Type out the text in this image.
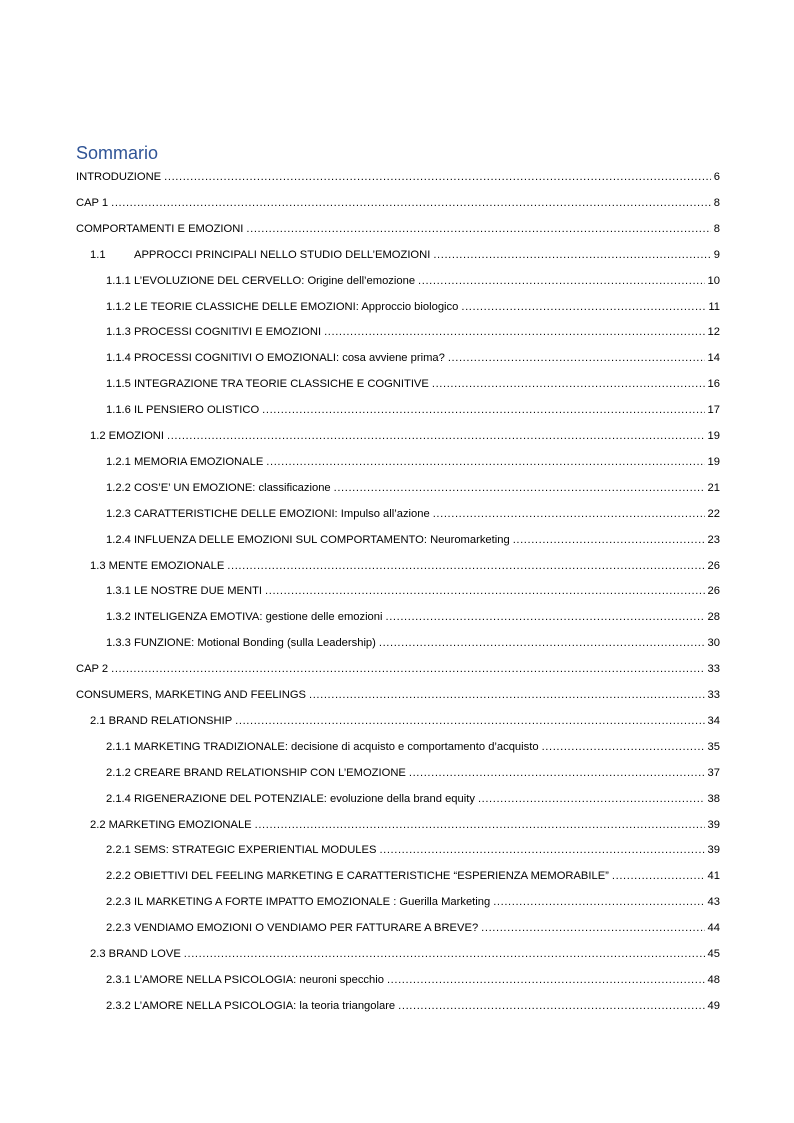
Sommario
INTRODUZIONE .....	6
CAP 1 .....	8
COMPORTAMENTI E EMOZIONI .....	8
1.1	APPROCCI PRINCIPALI NELLO STUDIO DELL’EMOZIONI .....	9
1.1.1 L’EVOLUZIONE DEL CERVELLO: Origine dell’emozione .....	10
1.1.2 LE TEORIE CLASSICHE DELLE EMOZIONI: Approccio biologico .....	11
1.1.3 PROCESSI COGNITIVI E EMOZIONI .....	12
1.1.4 PROCESSI COGNITIVI O EMOZIONALI: cosa avviene prima? .....	14
1.1.5 INTEGRAZIONE TRA TEORIE CLASSICHE E COGNITIVE .....	16
1.1.6 IL PENSIERO OLISTICO .....	17
1.2 EMOZIONI .....	19
1.2.1 MEMORIA EMOZIONALE .....	19
1.2.2 COS’E’ UN EMOZIONE: classificazione .....	21
1.2.3 CARATTERISTICHE DELLE EMOZIONI: Impulso all’azione .....	22
1.2.4 INFLUENZA DELLE EMOZIONI SUL COMPORTAMENTO: Neuromarketing .....	23
1.3 MENTE EMOZIONALE .....	26
1.3.1 LE NOSTRE DUE MENTI .....	26
1.3.2 INTELIGENZA EMOTIVA: gestione delle emozioni .....	28
1.3.3 FUNZIONE: Motional Bonding (sulla Leadership) .....	30
CAP 2 .....	33
CONSUMERS, MARKETING AND FEELINGS .....	33
2.1 BRAND RELATIONSHIP .....	34
2.1.1 MARKETING TRADIZIONALE: decisione di acquisto e comportamento d’acquisto .....	35
2.1.2 CREARE BRAND RELATIONSHIP CON L’EMOZIONE .....	37
2.1.4 RIGENERAZIONE DEL POTENZIALE: evoluzione della brand equity .....	38
2.2 MARKETING EMOZIONALE .....	39
2.2.1 SEMS: STRATEGIC EXPERIENTIAL MODULES .....	39
2.2.2 OBIETTIVI DEL FEELING MARKETING E CARATTERISTICHE “ESPERIENZA MEMORABILE” .....	41
2.2.3 IL MARKETING A FORTE IMPATTO EMOZIONALE : Guerilla Marketing .....	43
2.2.3 VENDIAMO EMOZIONI O VENDIAMO PER FATTURARE A BREVE? .....	44
2.3 BRAND LOVE .....	45
2.3.1 L’AMORE NELLA PSICOLOGIA: neuroni specchio .....	48
2.3.2 L’AMORE NELLA PSICOLOGIA: la teoria triangolare .....	49
